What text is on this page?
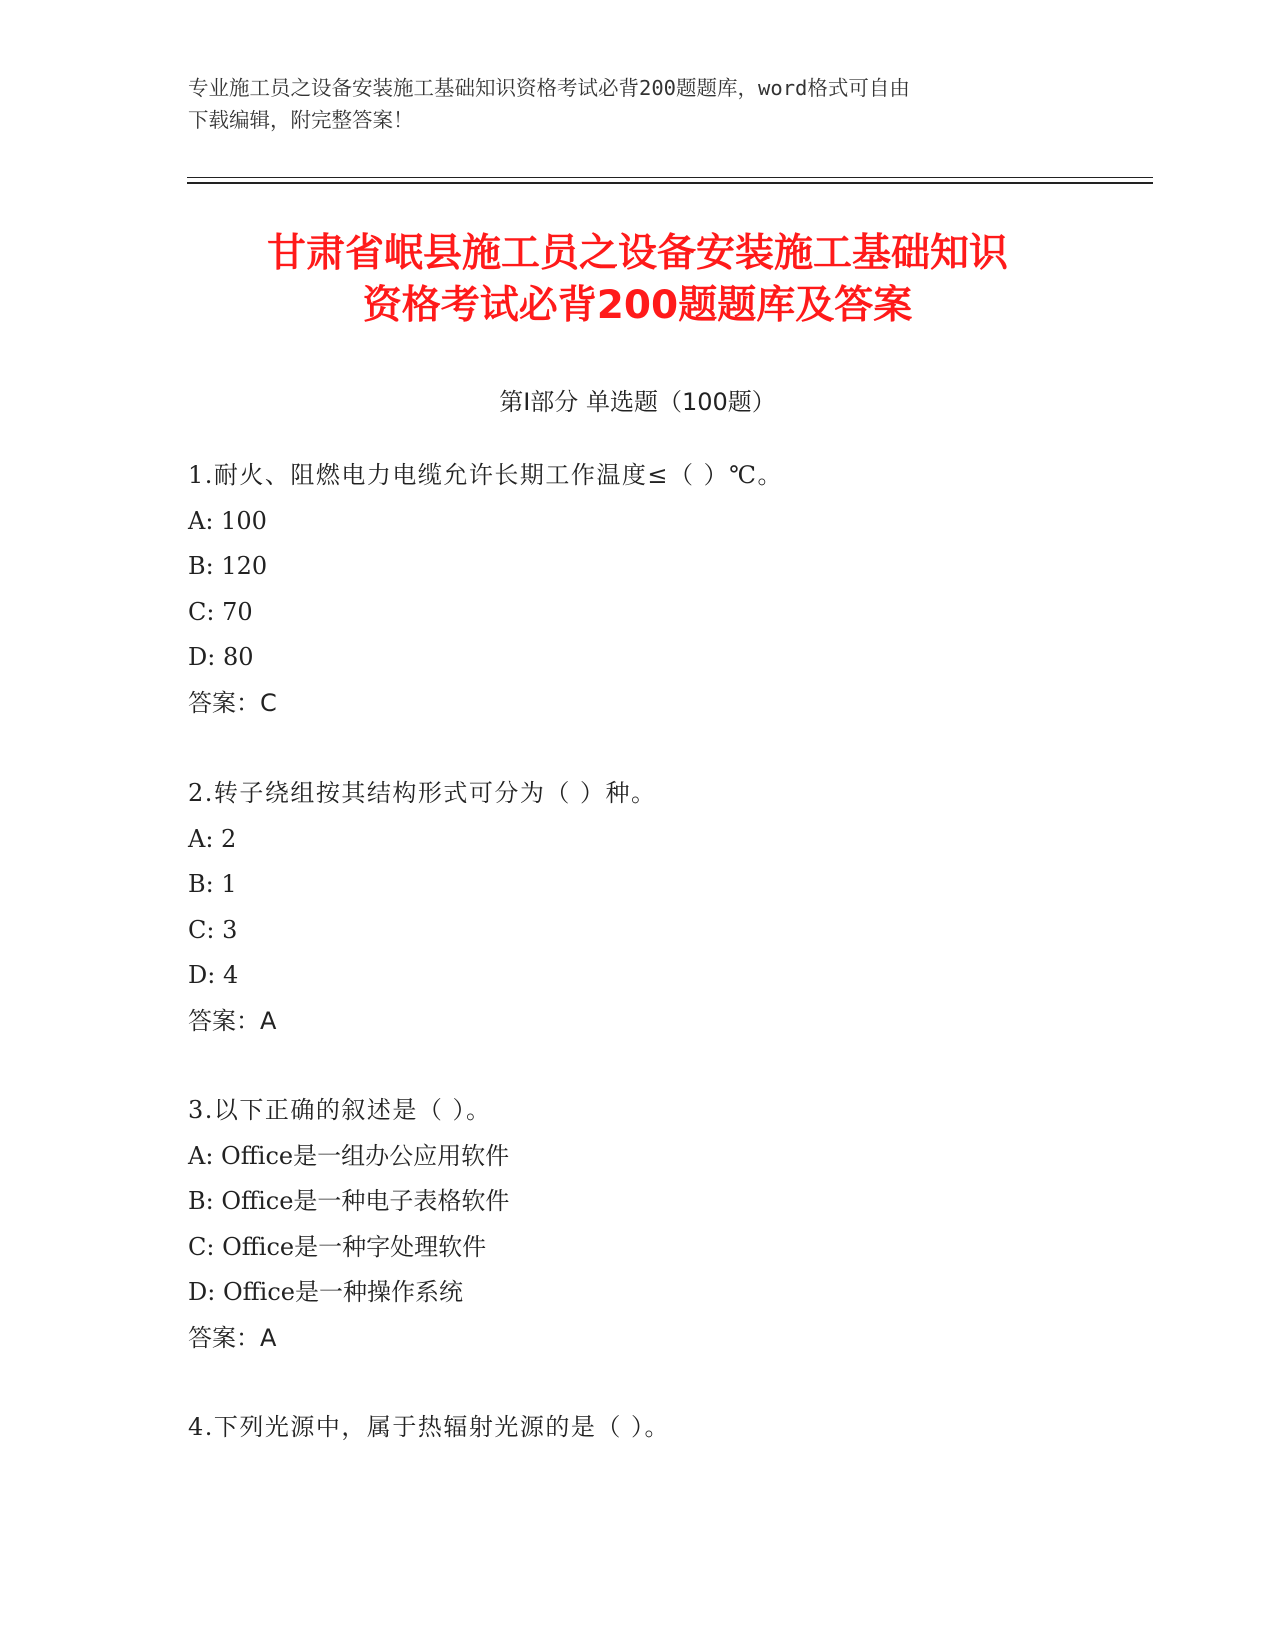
专业施工员之设备安装施工基础知识资格考试必背200题题库，word格式可自由
下载编辑，附完整答案！
甘肃省岷县施工员之设备安装施工基础知识
资格考试必背200题题库及答案
第Ⅰ部分 单选题（100题）
1.耐火、阻燃电力电缆允许长期工作温度≤（ ）℃。
A: 100
B: 120
C: 70
D: 80
答案：C
2.转子绕组按其结构形式可分为（ ）种。
A: 2
B: 1
C: 3
D: 4
答案：A
3.以下正确的叙述是（ ）。
A: Office是一组办公应用软件
B: Office是一种电子表格软件
C: Office是一种字处理软件
D: Office是一种操作系统
答案：A
4.下列光源中，属于热辐射光源的是（ ）。
